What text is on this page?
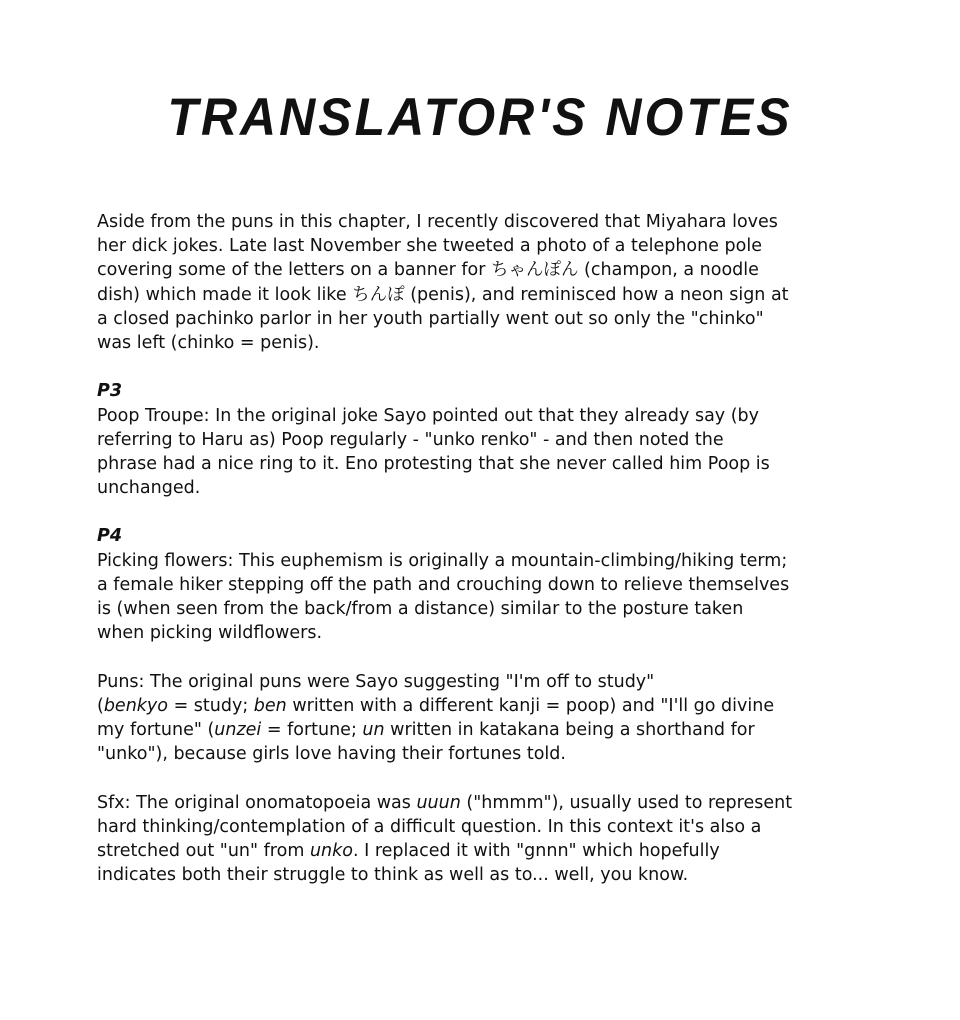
TRANSLATOR'S NOTES
Aside from the puns in this chapter, I recently discovered that Miyahara loves
her dick jokes. Late last November she tweeted a photo of a telephone pole
covering some of the letters on a banner for ちゃんぽん (champon, a noodle
dish) which made it look like ちんぽ (penis), and reminisced how a neon sign at
a closed pachinko parlor in her youth partially went out so only the "chinko"
was left (chinko = penis).
P3
Poop Troupe: In the original joke Sayo pointed out that they already say (by
referring to Haru as) Poop regularly - "unko renko" - and then noted the
phrase had a nice ring to it. Eno protesting that she never called him Poop is
unchanged.
P4
Picking flowers: This euphemism is originally a mountain-climbing/hiking term;
a female hiker stepping off the path and crouching down to relieve themselves
is (when seen from the back/from a distance) similar to the posture taken
when picking wildflowers.
Puns: The original puns were Sayo suggesting "I'm off to study"
(benkyo = study; ben written with a different kanji = poop) and "I'll go divine
my fortune" (unzei = fortune; un written in katakana being a shorthand for
"unko"), because girls love having their fortunes told.
Sfx: The original onomatopoeia was uuun ("hmmm"), usually used to represent
hard thinking/contemplation of a difficult question. In this context it's also a
stretched out "un" from unko. I replaced it with "gnnn" which hopefully
indicates both their struggle to think as well as to... well, you know.
